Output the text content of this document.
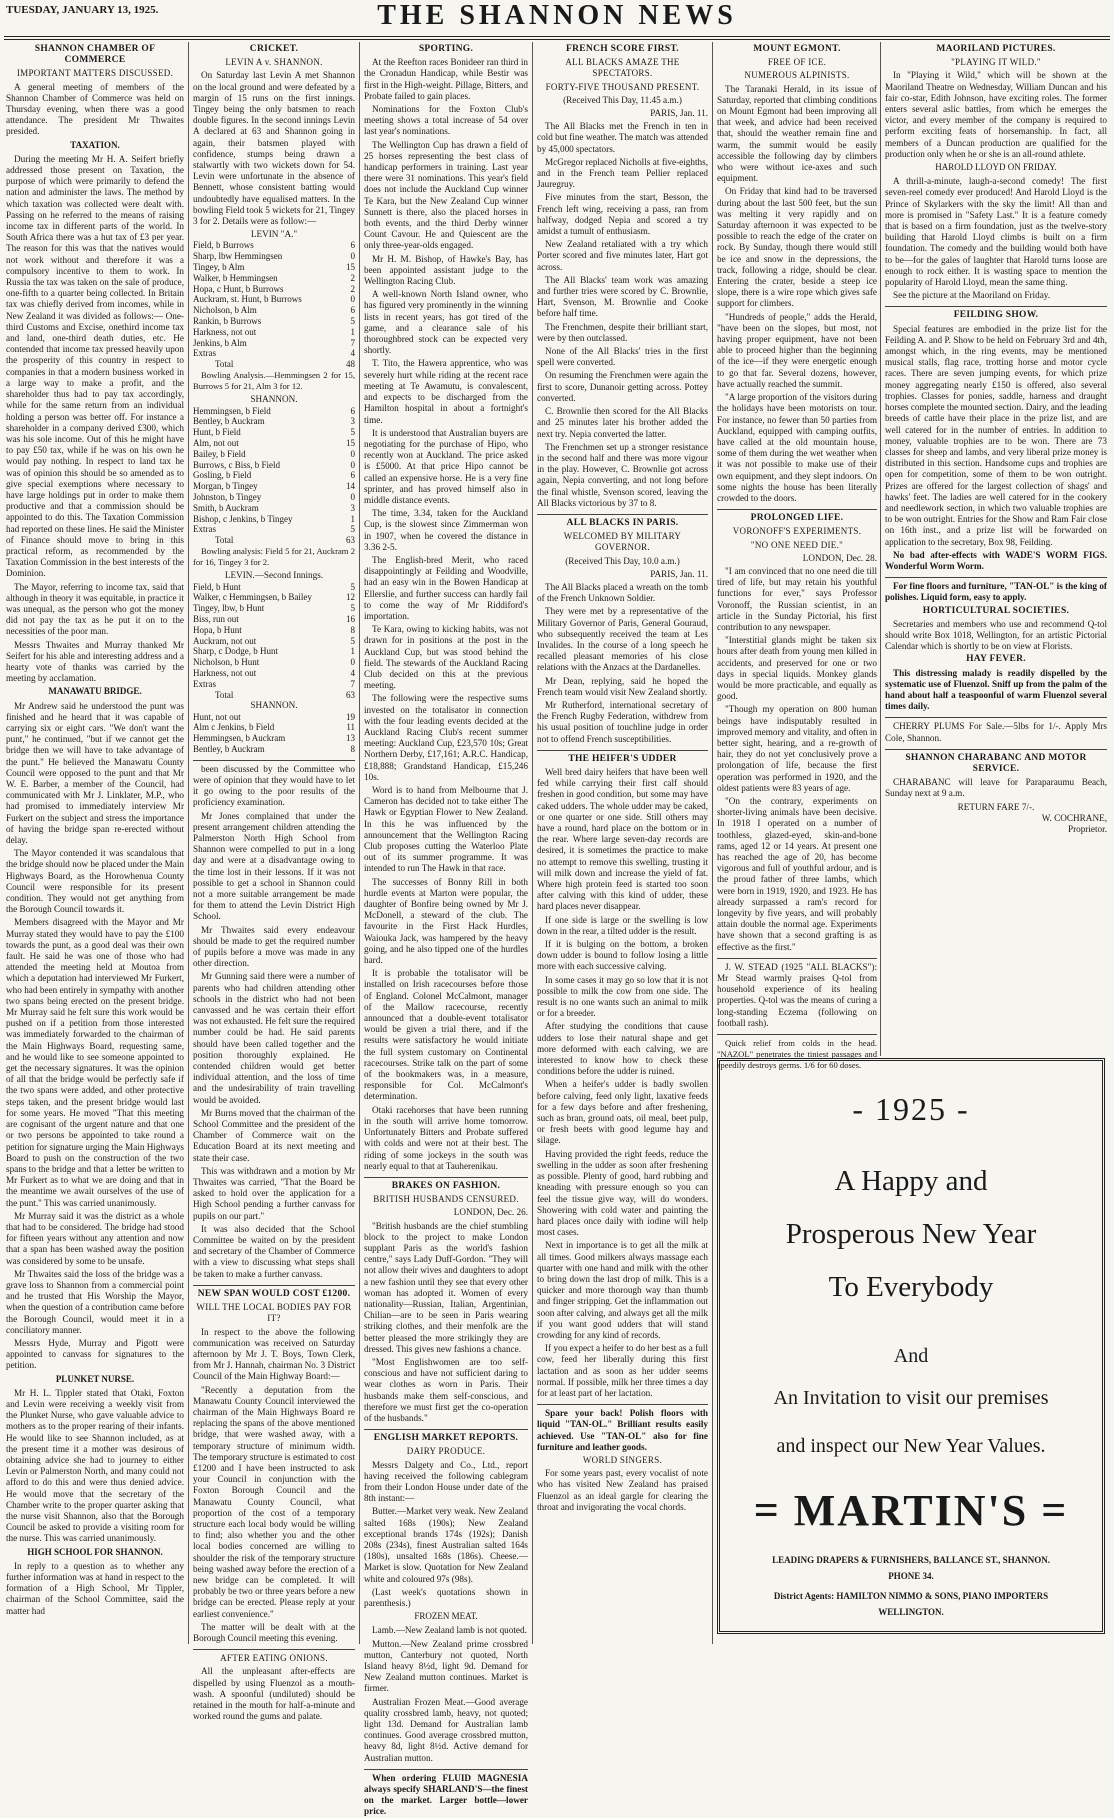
TUESDAY, JANUARY 13, 1925.	THE SHANNON NEWS
SHANNON CHAMBER OF COMMERCE
IMPORTANT MATTERS DISCUSSED.

A general meeting of members of the Shannon Chamber of Commerce was held on Thursday evening, when there was a good attendance. The president Mr Thwaites presided.

TAXATION.

During the meeting Mr H. A. Seifert briefly addressed those present on Taxation, the purpose of which were primarily to defend the nation and administer the laws. The method by which taxation was collected were dealt with. Passing on he referred to the means of raising income tax in different parts of the world. In South Africa there was a hut tax of £3 per year. The reason for this was that the natives would not work without and therefore it was a compulsory incentive to them to work. In Russia the tax was taken on the sale of produce, one-fifth to a quarter being collected. In Britain tax was chiefly derived from incomes, while in New Zealand it was divided as follows:— One-third Customs and Excise, onethird income tax and land, one-third death duties, etc. He contended that income tax pressed heavily upon the prosperity of this country in respect to companies in that a modern business worked in a large way to make a profit, and the shareholder thus had to pay tax accordingly, while for the same return from an individual holding a person was better off. For instance a shareholder in a company derived £300, which was his sole income. Out of this he might have to pay £50 tax, while if he was on his own he would pay nothing. In respect to land tax he was of opinion this should be so amended as to give special exemptions where necessary to have large holdings put in order to make them productive and that a commission should be appointed to do this. The Taxation Commission had reported on these lines. He said the Minister of Finance should move to bring in this practical reform, as recommended by the Taxation Commission in the best interests of the Dominion.

The Mayor, referring to income tax, said that although in theory it was equitable, in practice it was unequal, as the person who got the money did not pay the tax as he put it on to the necessities of the poor man.

Messrs Thwaites and Murray thanked Mr Seifert for his able and interesting address and a hearty vote of thanks was carried by the meeting by acclamation.

MANAWATU BRIDGE.

Mr Andrew said he understood the punt was finished and he heard that it was capable of carrying six or eight cars. "We don't want the punt," he continued, "but if we cannot get the bridge then we will have to take advantage of the punt." He believed the Manawatu County Council were opposed to the punt and that Mr W. E. Barber, a member of the Council, had communicated with Mr J. Linklater, M.P., who had promised to immediately interview Mr Furkert on the subject and stress the importance of having the bridge span re-erected without delay.

The Mayor contended it was scandalous that the bridge should now be placed under the Main Highways Board, as the Horowhenua County Council were responsible for its present condition. They would not get anything from the Borough Council towards it.

Members disagreed with the Mayor and Mr Murray stated they would have to pay the £100 towards the punt, as a good deal was their own fault. He said he was one of those who had attended the meeting held at Moutoa from which a deputation had interviewed Mr Furkert, who had been entirely in sympathy with another two spans being erected on the present bridge. Mr Murray said he felt sure this work would be pushed on if a petition from those interested was immediately forwarded to the chairman of the Main Highways Board, requesting same, and he would like to see someone appointed to get the necessary signatures. It was the opinion of all that the bridge would be perfectly safe if the two spans were added, and other protective steps taken, and the present bridge would last for some years. He moved "That this meeting are cognisant of the urgent nature and that one or two persons be appointed to take round a petition for signature urging the Main Highways Board to push on the construction of the two spans to the bridge and that a letter be written to Mr Furkert as to what we are doing and that in the meantime we await ourselves of the use of the punt." This was carried unanimously.

Mr Murray said it was the district as a whole that had to be considered. The bridge had stood for fifteen years without any attention and now that a span has been washed away the position was considered by some to be unsafe.

Mr Thwaites said the loss of the bridge was a grave loss to Shannon from a commercial point and he trusted that His Worship the Mayor, when the question of a contribution came before the Borough Council, would meet it in a conciliatory manner.

Messrs Hyde, Murray and Pigott were appointed to canvass for signatures to the petition.

PLUNKET NURSE.

Mr H. L. Tippler stated that Otaki, Foxton and Levin were receiving a weekly visit from the Plunket Nurse, who gave valuable advice to mothers as to the proper rearing of their infants. He would like to see Shannon included, as at the present time it a mother was desirous of obtaining advice she had to journey to either Levin or Palmerston North, and many could not afford to do this and were thus denied advice. He would move that the secretary of the Chamber write to the proper quarter asking that the nurse visit Shannon, also that the Borough Council be asked to provide a visiting room for the nurse. This was carried unanimously.

HIGH SCHOOL FOR SHANNON.

In reply to a question as to whether any further information was at hand in respect to the formation of a High School, Mr Tippler, chairman of the School Committee, said the matter had

CRICKET.
LEVIN A v. SHANNON.

On Saturday last Levin A met Shannon on the local ground and were defeated by a margin of 15 runs on the first innings. Tingey being the only batsmen to reach double figures. In the second innings Levin A declared at 63 and Shannon going in again, their batsmen played with confidence, stumps being drawn a stalwartly with two wickets down for 54. Levin were unfortunate in the absence of Bennett, whose consistent batting would undoubtedly have equalised matters. In the bowling Field took 5 wickets for 21, Tingey 3 for 2. Details were as follow:—

LEVIN "A."
Field, b Burrows	6
Sharp, lbw Hemmingsen	0
Tingey, b Alm	15
Walker, b Hemmingsen	2
Hopa, c Hunt, b Burrows	2
Auckram, st. Hunt, b Burrows	0
Nicholson, b Alm	6
Rankin, b Burrows	5
Harkness, not out	1
Jenkins, b Alm	7
Extras	4
Total	48

Bowling Analysis.—Hemmingsen 2 for 15, Burrows 5 for 21, Alm 3 for 12.

SHANNON.
Hemmingsen, b Field	6
Bentley, b Auckram	3
Hunt, b Field	5
Alm, not out	15
Bailey, b Field	0
Burrows, c Biss, b Field	0
Gosling, b Field	6
Morgan, b Tingey	14
Johnston, b Tingey	0
Smith, b Auckram	3
Bishop, c Jenkins, b Tingey	1
Extras	5
Total	63

Bowling analysis: Field 5 for 21, Auckram 2 for 16, Tingey 3 for 2.

LEVIN.—Second Innings.
Field, b Hunt	5
Walker, c Hemmingsen, b Bailey	12
Tingey, lbw, b Hunt	5
Biss, run out	16
Hopa, b Hunt	8
Auckram, not out	5
Sharp, c Dodge, b Hunt	1
Nicholson, b Hunt	0
Harkness, not out	4
Extras	7
Total	63
SHANNON.
Hunt, not out	19
Alm c Jenkins, b Field	11
Hemmingsen, b Auckram	13
Bentley, b Auckram	8

been discussed by the Committee who were of opinion that they would have to let it go owing to the poor results of the proficiency examination.

Mr Jones complained that under the present arrangement children attending the Palmerston North High School from Shannon were compelled to put in a long day and were at a disadvantage owing to the time lost in their lessons. If it was not possible to get a school in Shannon could not a more suitable arrangement be made for them to attend the Levin District High School.

Mr Thwaites said every endeavour should be made to get the required number of pupils before a move was made in any other direction.

Mr Gunning said there were a number of parents who had children attending other schools in the district who had not been canvassed and he was certain their effort was not exhausted. He felt sure the required number could be had. He said parents should have been called together and the position thoroughly explained. He contended children would get better individual attention, and the loss of time and the undesirability of train travelling would be avoided.

Mr Burns moved that the chairman of the School Committee and the president of the Chamber of Commerce wait on the Education Board at its next meeting and state their case.

This was withdrawn and a motion by Mr Thwaites was carried, "That the Board be asked to hold over the application for a High School pending a further canvass for pupils on our part."

It was also decided that the School Committee be waited on by the president and secretary of the Chamber of Commerce with a view to discussing what steps shall be taken to make a further canvass.

NEW SPAN WOULD COST £1200.
WILL THE LOCAL BODIES PAY FOR IT?

In respect to the above the following communication was received on Saturday afternoon by Mr J. T. Boys, Town Clerk, from Mr J. Hannah, chairman No. 3 District Council of the Main Highway Board:—

"Recently a deputation from the Manawatu County Council interviewed the chairman of the Main Highways Board re replacing the spans of the above mentioned bridge, that were washed away, with a temporary structure of minimum width. The temporary structure is estimated to cost £1200 and I have been instructed to ask your Council in conjunction with the Foxton Borough Council and the Manawatu County Council, what proportion of the cost of a temporary structure each local body would be willing to find; also whether you and the other local bodies concerned are willing to shoulder the risk of the temporary structure being washed away before the erection of a new bridge can be completed. It will probably be two or three years before a new bridge can be erected. Please reply at your earliest convenience."

The matter will be dealt with at the Borough Council meeting this evening.

AFTER EATING ONIONS.

All the unpleasant after-effects are dispelled by using Fluenzol as a mouth-wash. A spoonful (undiluted) should be retained in the mouth for half-a-minute and worked round the gums and palate.

SPORTING.

At the Reefton races Bonideer ran third in the Cronadun Handicap, while Bestir was first in the High-weight. Pillage, Bitters, and Probate failed to gain places.

Nominations for the Foxton Club's meeting shows a total increase of 54 over last year's nominations.

The Wellington Cup has drawn a field of 25 horses representing the best class of handicap performers in training. Last year there were 31 nominations. This year's field does not include the Auckland Cup winner Te Kara, but the New Zealand Cup winner Sunnett is there, also the placed horses in both events, and the third Derby winner Count Cavour. He and Quiescent are the only three-year-olds engaged.

Mr H. M. Bishop, of Hawke's Bay, has been appointed assistant judge to the Wellington Racing Club.

A well-known North Island owner, who has figured very prominently in the winning lists in recent years, has got tired of the game, and a clearance sale of his thoroughbred stock can be expected very shortly.

T. Tito, the Hawera apprentice, who was severely hurt while riding at the recent race meeting at Te Awamutu, is convalescent, and expects to be discharged from the Hamilton hospital in about a fortnight's time.

It is understood that Australian buyers are negotiating for the purchase of Hipo, who recently won at Auckland. The price asked is £5000. At that price Hipo cannot be called an expensive horse. He is a very fine sprinter, and has proved himself also in middle distance events.

The time, 3.34, taken for the Auckland Cup, is the slowest since Zimmerman won in 1907, when he covered the distance in 3.36 2-5.

The English-bred Merit, who raced disappointingly at Feilding and Woodville, had an easy win in the Bowen Handicap at Ellerslie, and further success can hardly fail to come the way of Mr Riddiford's importation.

Te Kara, owing to kicking habits, was not drawn for in positions at the post in the Auckland Cup, but was stood behind the field. The stewards of the Auckland Racing Club decided on this at the previous meeting.

The following were the respective sums invested on the totalisator in connection with the four leading events decided at the Auckland Racing Club's recent summer meeting: Auckland Cup, £23,570 10s; Great Northern Derby, £17,161; A.R.C. Handicap, £18,888; Grandstand Handicap, £15,246 10s.

Word is to hand from Melbourne that J. Cameron has decided not to take either The Hawk or Egyptian Flower to New Zealand. In this he was influenced by the announcement that the Wellington Racing Club proposes cutting the Waterloo Plate out of its summer programme. It was intended to run The Hawk in that race.

The successes of Bonny Rill in both hurdle events at Marton were popular, the daughter of Bonfire being owned by Mr J. McDonell, a steward of the club. The favourite in the First Hack Hurdles, Waiouka Jack, was hampered by the heavy going, and he also tipped one of the hurdles hard.

It is probable the totalisator will be installed on Irish racecourses before those of England. Colonel McCalmont, manager of the Mallow racecourse, recently announced that a double-event totalisator would be given a trial there, and if the results were satisfactory he would initiate the full system customary on Continental racecourses. Strike talk on the part of some of the bookmakers was, in a measure, responsible for Col. McCalmont's determination.

Otaki racehorses that have been running in the south will arrive home tomorrow. Unfortunately Bitters and Probate suffered with colds and were not at their best. The riding of some jockeys in the south was nearly equal to that at Tauherenikau.

BRAKES ON FASHION.
BRITISH HUSBANDS CENSURED.
LONDON, Dec. 26.

"British husbands are the chief stumbling block to the project to make London supplant Paris as the world's fashion centre," says Lady Duff-Gordon. "They will not allow their wives and daughters to adopt a new fashion until they see that every other woman has adopted it. Women of every nationality—Russian, Italian, Argentinian, Chilian—are to be seen in Paris wearing striking clothes, and their menfolk are the better pleased the more strikingly they are dressed. This gives new fashions a chance.

"Most Englishwomen are too self-conscious and have not sufficient daring to wear clothes as worn in Paris. Their husbands make them self-conscious, and therefore we must first get the co-operation of the husbands."

ENGLISH MARKET REPORTS.
DAIRY PRODUCE.

Messrs Dalgety and Co., Ltd., report having received the following cablegram from their London House under date of the 8th instant:—

Butter.—Market very weak. New Zealand salted 168s (190s); New Zealand exceptional brands 174s (192s); Danish 208s (234s), finest Australian salted 164s (180s), unsalted 168s (186s). Cheese.—Market is slow. Quotation for New Zealand white and coloured 97s (98s).

(Last week's quotations shown in parenthesis.)

FROZEN MEAT.

Lamb.—New Zealand lamb is not quoted.

Mutton.—New Zealand prime crossbred mutton, Canterbury not quoted, North Island heavy 8½d, light 9d. Demand for New Zealand mutton continues. Market is firmer.

Australian Frozen Meat.—Good average quality crossbred lamb, heavy, not quoted; light 13d. Demand for Australian lamb continues. Good average crossbred mutton, heavy 8d, light 8½d. Active demand for Australian mutton.

When ordering FLUID MAGNESIA always specify SHARLAND'S—the finest on the market. Larger bottle—lower price.

FRENCH SCORE FIRST.
ALL BLACKS AMAZE THE SPECTATORS.
FORTY-FIVE THOUSAND PRESENT.
(Received This Day, 11.45 a.m.)
PARIS, Jan. 11.

The All Blacks met the French in ten in cold but fine weather. The match was attended by 45,000 spectators.

McGregor replaced Nicholls at five-eighths, and in the French team Pellier replaced Jauregruy.

Five minutes from the start, Besson, the French left wing, receiving a pass, ran from halfway, dodged Nepia and scored a try amidst a tumult of enthusiasm.

New Zealand retaliated with a try which Porter scored and five minutes later, Hart got across.

The All Blacks' team work was amazing and further tries were scored by C. Brownlie, Hart, Svenson, M. Brownlie and Cooke before half time.

The Frenchmen, despite their brilliant start, were by then outclassed.

None of the All Blacks' tries in the first spell were converted.

On resuming the Frenchmen were again the first to score, Dunanoir getting across. Pottey converted.

C. Brownlie then scored for the All Blacks and 25 minutes later his brother added the next try. Nepia converted the latter.

The Frenchmen set up a stronger resistance in the second half and there was more vigour in the play. However, C. Brownlie got across again, Nepia converting, and not long before the final whistle, Svenson scored, leaving the All Blacks victorious by 37 to 8.

ALL BLACKS IN PARIS.
WELCOMED BY MILITARY GOVERNOR.
(Received This Day, 10.0 a.m.)
PARIS, Jan. 11.

The All Blacks placed a wreath on the tomb of the French Unknown Soldier.

They were met by a representative of the Military Governor of Paris, General Gouraud, who subsequently received the team at Les Invalides. In the course of a long speech he recalled pleasant memories of his close relations with the Anzacs at the Dardanelles.

Mr Dean, replying, said he hoped the French team would visit New Zealand shortly.

Mr Rutherford, international secretary of the French Rugby Federation, withdrew from his usual position of touchline judge in order not to offend French susceptibilities.

THE HEIFER'S UDDER

Well bred dairy heifers that have been well fed while carrying their first calf should freshen in good condition, but some may have caked udders. The whole udder may be caked, or one quarter or one side. Still others may have a round, hard place on the bottom or in the rear. Where large seven-day records are desired, it is sometimes the practice to make no attempt to remove this swelling, trusting it will milk down and increase the yield of fat. Where high protein feed is started too soon after calving with this kind of udder, these hard places never disappear.

If one side is large or the swelling is low down in the rear, a tilted udder is the result.

If it is bulging on the bottom, a broken down udder is bound to follow losing a little more with each successive calving.

In some cases it may go so low that it is not possible to milk the cow from one side. The result is no one wants such an animal to milk or for a breeder.

After studying the conditions that cause udders to lose their natural shape and get more deformed with each calving, we are interested to know how to check these conditions before the udder is ruined.

When a heifer's udder is badly swollen before calving, feed only light, laxative feeds for a few days before and after freshening, such as bran, ground oats, oil meal, beet pulp, or fresh beets with good legume hay and silage.

Having provided the right feeds, reduce the swelling in the udder as soon after freshening as possible. Plenty of good, hard rubbing and kneading with pressure enough so you can feel the tissue give way, will do wonders. Showering with cold water and painting the hard places once daily with iodine will help most cases.

Next in importance is to get all the milk at all times. Good milkers always massage each quarter with one hand and milk with the other to bring down the last drop of milk. This is a quicker and more thorough way than thumb and finger stripping. Get the inflammation out soon after calving, and always get all the milk if you want good udders that will stand crowding for any kind of records.

If you expect a heifer to do her best as a full cow, feed her liberally during this first lactation and as soon as her udder seems normal. If possible, milk her three times a day for at least part of her lactation.

Spare your back! Polish floors with liquid "TAN-OL." Brilliant results easily achieved. Use "TAN-OL" also for fine furniture and leather goods.

WORLD SINGERS.

For some years past, every vocalist of note who has visited New Zealand has praised Fluenzol as an ideal gargle for clearing the throat and invigorating the vocal chords.

MOUNT EGMONT.
FREE OF ICE.
NUMEROUS ALPINISTS.

The Taranaki Herald, in its issue of Saturday, reported that climbing conditions on Mount Egmont had been improving all that week, and advice had been received that, should the weather remain fine and warm, the summit would be easily accessible the following day by climbers who were without ice-axes and such equipment.

On Friday that kind had to be traversed during about the last 500 feet, but the sun was melting it very rapidly and on Saturday afternoon it was expected to be possible to reach the edge of the crater on rock. By Sunday, though there would still be ice and snow in the depressions, the track, following a ridge, should be clear. Entering the crater, beside a steep ice slope, there is a wire rope which gives safe support for climbers.

"Hundreds of people," adds the Herald, "have been on the slopes, but most, not having proper equipment, have not been able to proceed higher than the beginning of the ice—if they were energetic enough to go that far. Several dozens, however, have actually reached the summit.

"A large proportion of the visitors during the holidays have been motorists on tour. For instance, no fewer than 50 parties from Auckland, equipped with camping outfits, have called at the old mountain house, some of them during the wet weather when it was not possible to make use of their own equipment, and they slept indoors. On some nights the house has been literally crowded to the doors.

PROLONGED LIFE.
VORONOFF'S EXPERIMENTS.
"NO ONE NEED DIE."
LONDON, Dec. 28.

"I am convinced that no one need die till tired of life, but may retain his youthful functions for ever," says Professor Voronoff, the Russian scientist, in an article in the Sunday Pictorial, his first contribution to any newspaper.

"Interstitial glands might be taken six hours after death from young men killed in accidents, and preserved for one or two days in special liquids. Monkey glands would be more practicable, and equally as good.

"Though my operation on 800 human beings have indisputably resulted in improved memory and vitality, and often in better sight, hearing, and a re-growth of hair, they do not yet conclusively prove a prolongation of life, because the first operation was performed in 1920, and the oldest patients were 83 years of age.

"On the contrary, experiments on shorter-living animals have been decisive. In 1918 I operated on a number of toothless, glazed-eyed, skin-and-bone rams, aged 12 or 14 years. At present one has reached the age of 20, has become vigorous and full of youthful ardour, and is the proud father of three lambs, which were born in 1919, 1920, and 1923. He has already surpassed a ram's record for longevity by five years, and will probably attain double the normal age. Experiments have shown that a second grafting is as effective as the first."

J. W. STEAD (1925 "ALL BLACKS"): Mr Stead warmly praises Q-tol from household experience of its healing properties. Q-tol was the means of curing a long-standing Eczema (following on football rash).

Quick relief from colds in the head. "NAZOL" penetrates the tiniest passages and speedily destroys germs. 1/6 for 60 doses.

MAORILAND PICTURES.
"PLAYING IT WILD."

In "Playing it Wild," which will be shown at the Maoriland Theatre on Wednesday, William Duncan and his fair co-star, Edith Johnson, have exciting roles. The former enters several aslic battles, from which he emerges the victor, and every member of the company is required to perform exciting feats of horsemanship. In fact, all members of a Duncan production are qualified for the production only when he or she is an all-round athlete.

HAROLD LLOYD ON FRIDAY.

A thrill-a-minute, laugh-a-second comedy! The first seven-reel comedy ever produced! And Harold Lloyd is the Prince of Skylarkers with the sky the limit! All than and more is promised in "Safety Last." It is a feature comedy that is based on a firm foundation, just as the twelve-story building that Harold Lloyd climbs is built on a firm foundation. The comedy and the building would both have to be—for the gales of laughter that Harold turns loose are enough to rock either. It is wasting space to mention the popularity of Harold Lloyd, mean the same thing.

See the picture at the Maoriland on Friday.

FEILDING SHOW.

Special features are embodied in the prize list for the Feilding A. and P. Show to be held on February 3rd and 4th, amongst which, in the ring events, may be mentioned musical stalls, flag race, trotting horse and motor cycle races. There are seven jumping events, for which prize money aggregating nearly £150 is offered, also several trophies. Classes for ponies, saddle, harness and draught horses complete the mounted section. Dairy, and the leading breeds of cattle have their place in the prize list, and are well catered for in the number of entries. In addition to money, valuable trophies are to be won. There are 73 classes for sheep and lambs, and very liberal prize money is distributed in this section. Handsome cups and trophies are open for competition, some of them to be won outright. Prizes are offered for the largest collection of shags' and hawks' feet. The ladies are well catered for in the cookery and needlework section, in which two valuable trophies are to be won outright. Entries for the Show and Ram Fair close on 16th inst., and a prize list will be forwarded on application to the secretary, Box 98, Feilding.

No bad after-effects with WADE'S WORM FIGS. Wonderful Worm Worm.

For fine floors and furniture, "TAN-OL" is the king of polishes. Liquid form, easy to apply.

HORTICULTURAL SOCIETIES.

Secretaries and members who use and recommend Q-tol should write Box 1018, Wellington, for an artistic Pictorial Calendar which is shortly to be on view at Florists.

HAY FEVER.

This distressing malady is readily dispelled by the systematic use of Fluenzol. Sniff up from the palm of the hand about half a teaspoonful of warm Fluenzol several times daily.

CHERRY PLUMS For Sale.—5lbs for 1/-. Apply Mrs Cole, Shannon.

SHANNON CHARABANC AND MOTOR SERVICE.

CHARABANC will leave for Paraparaumu Beach, Sunday next at 9 a.m.

RETURN FARE 7/-.
W. COCHRANE,
Proprietor.
- 1925 -
A Happy and
Prosperous New Year
To Everybody
And
An Invitation to visit our premises
and inspect our New Year Values.
= MARTIN'S =
LEADING DRAPERS & FURNISHERS, BALLANCE ST., SHANNON.
PHONE 34.
District Agents: HAMILTON NIMMO & SONS, PIANO IMPORTERS
WELLINGTON.
